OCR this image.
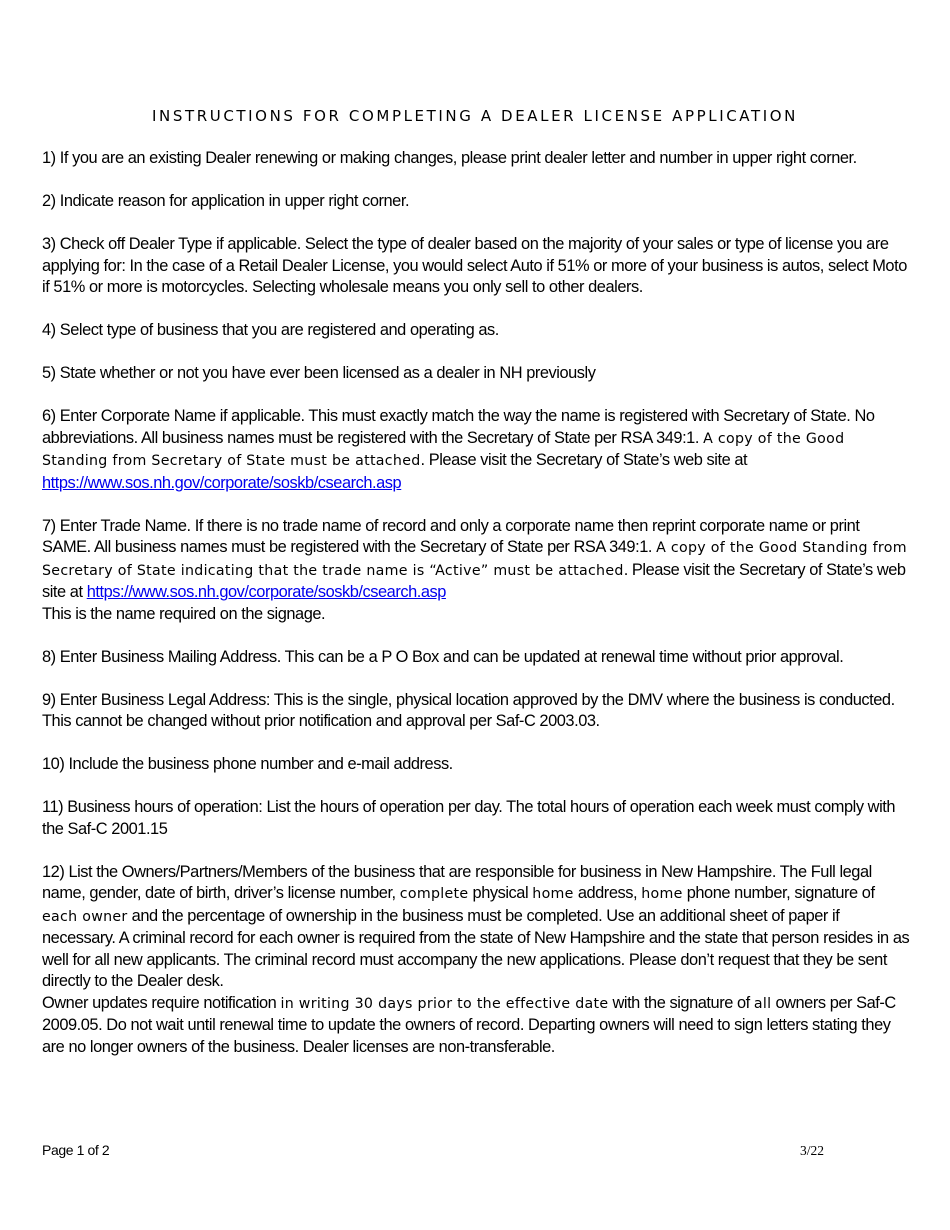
INSTRUCTIONS FOR COMPLETING A DEALER LICENSE APPLICATION

1) If you are an existing Dealer renewing or making changes, please print dealer letter and number in upper right corner.

2) Indicate reason for application in upper right corner.

3) Check off Dealer Type if applicable. Select the type of dealer based on the majority of your sales or type of license you are applying for: In the case of a Retail Dealer License, you would select Auto if 51% or more of your business is autos, select Moto if 51% or more is motorcycles. Selecting wholesale means you only sell to other dealers.

4) Select type of business that you are registered and operating as.

5) State whether or not you have ever been licensed as a dealer in NH previously

6) Enter Corporate Name if applicable. This must exactly match the way the name is registered with Secretary of State. No abbreviations. All business names must be registered with the Secretary of State per RSA 349:1. A copy of the Good Standing from Secretary of State must be attached. Please visit the Secretary of State’s web site at https://www.sos.nh.gov/corporate/soskb/csearch.asp

7) Enter Trade Name. If there is no trade name of record and only a corporate name then reprint corporate name or print SAME. All business names must be registered with the Secretary of State per RSA 349:1. A copy of the Good Standing from Secretary of State indicating that the trade name is “Active” must be attached. Please visit the Secretary of State’s web site at https://www.sos.nh.gov/corporate/soskb/csearch.asp
This is the name required on the signage.

8) Enter Business Mailing Address. This can be a P O Box and can be updated at renewal time without prior approval.

9) Enter Business Legal Address: This is the single, physical location approved by the DMV where the business is conducted. This cannot be changed without prior notification and approval per Saf-C 2003.03.

10) Include the business phone number and e-mail address.

11) Business hours of operation: List the hours of operation per day. The total hours of operation each week must comply with the Saf-C 2001.15

12) List the Owners/Partners/Members of the business that are responsible for business in New Hampshire. The Full legal name, gender, date of birth, driver’s license number, complete physical home address, home phone number, signature of each owner and the percentage of ownership in the business must be completed. Use an additional sheet of paper if necessary. A criminal record for each owner is required from the state of New Hampshire and the state that person resides in as well for all new applicants. The criminal record must accompany the new applications. Please don’t request that they be sent directly to the Dealer desk.
Owner updates require notification in writing 30 days prior to the effective date with the signature of all owners per Saf-C 2009.05. Do not wait until renewal time to update the owners of record. Departing owners will need to sign letters stating they are no longer owners of the business. Dealer licenses are non-transferable.

Page 1 of 2	3/22
